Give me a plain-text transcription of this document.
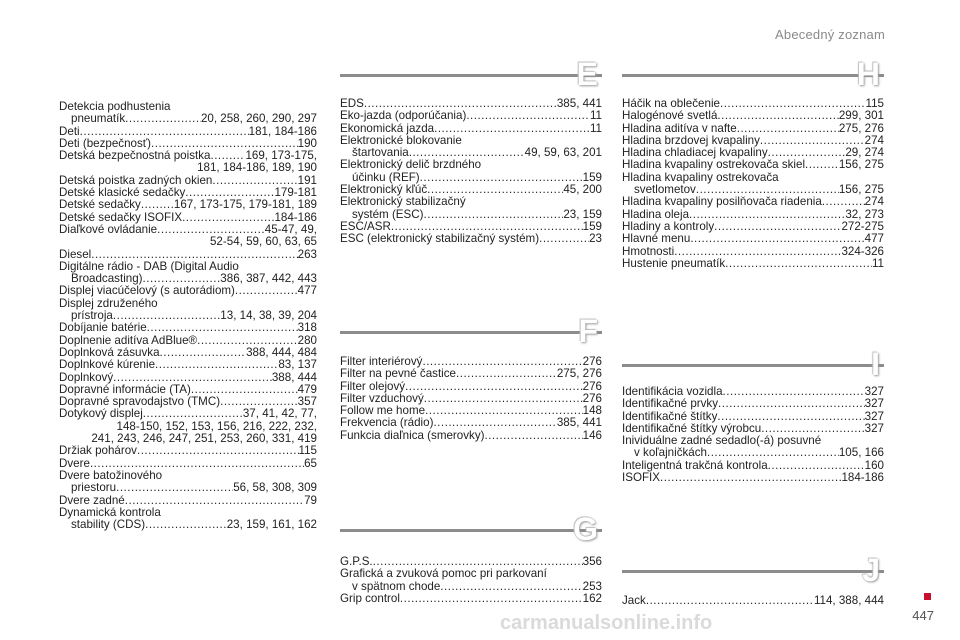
Abecedný zoznam
Detekcia podhustenia
pneumatík .....	20, 258, 260, 290, 297
Deti .....	181, 184-186
Deti (bezpečnosť) .....	190
Detská bezpečnostná poistka .....	169, 173-175,
181, 184-186, 189, 190
Detská poistka zadných okien .....	191
Detské klasické sedačky .....	179-181
Detské sedačky .....	167, 173-175, 179-181, 189
Detské sedačky ISOFIX .....	184-186
Diaľkové ovládanie .....	45-47, 49,
52-54, 59, 60, 63, 65
Diesel .....	263
Digitálne rádio - DAB (Digital Audio
Broadcasting) .....	386, 387, 442, 443
Displej viacúčelový (s autorádiom) .....	477
Displej združeného
prístroja .....	13, 14, 38, 39, 204
Dobíjanie batérie .....	318
Doplnenie aditíva AdBlue® .....	280
Doplnková zásuvka .....	388, 444, 484
Doplnkové kúrenie .....	83, 137
Doplnkový .....	388, 444
Dopravné informácie (TA) .....	479
Dopravné spravodajstvo (TMC) .....	357
Dotykový displej .....	37, 41, 42, 77,
148-150, 152, 153, 156, 216, 222, 232,
241, 243, 246, 247, 251, 253, 260, 331, 419
Držiak pohárov .....	115
Dvere .....	65
Dvere batožinového
priestoru .....	56, 58, 308, 309
Dvere zadné .....	79
Dynamická kontrola
stability (CDS) .....	23, 159, 161, 162
E
EDS .....	385, 441
Eko-jazda (odporúčania) .....	11
Ekonomická jazda .....	11
Elektronické blokovanie
štartovania .....	49, 59, 63, 201
Elektronický delič brzdného
účinku (REF) .....	159
Elektronický kľúč .....	45, 200
Elektronický stabilizačný
systém (ESC) .....	23, 159
ESC/ASR .....	159
ESC (elektronický stabilizačný systém) .....	23
F
Filter interiérový .....	276
Filter na pevné častice .....	275, 276
Filter olejový .....	276
Filter vzduchový .....	276
Follow me home .....	148
Frekvencia (rádio) .....	385, 441
Funkcia diaľnica (smerovky) .....	146
G
G.P.S. .....	356
Grafická a zvuková pomoc pri parkovaní
v spätnom chode .....	253
Grip control .....	162
H
Háčik na oblečenie .....	115
Halogénové svetlá .....	299, 301
Hladina aditíva v nafte .....	275, 276
Hladina brzdovej kvapaliny .....	274
Hladina chladiacej kvapaliny .....	29, 274
Hladina kvapaliny ostrekovača skiel .....	156, 275
Hladina kvapaliny ostrekovača
svetlometov .....	156, 275
Hladina kvapaliny posilňovača riadenia .....	274
Hladina oleja .....	32, 273
Hladiny a kontroly .....	272-275
Hlavné menu .....	477
Hmotnosti .....	324-326
Hustenie pneumatík .....	11
I
Identifikácia vozidla .....	327
Identifikačné prvky .....	327
Identifikačné štítky .....	327
Identifikačné štítky výrobcu .....	327
Inividuálne zadné sedadlo(-á) posuvné
v koľajničkách .....	105, 166
Inteligentná trakčná kontrola .....	160
ISOFIX .....	184-186
J
Jack .....	114, 388, 444
447
carmanualsonline.info
